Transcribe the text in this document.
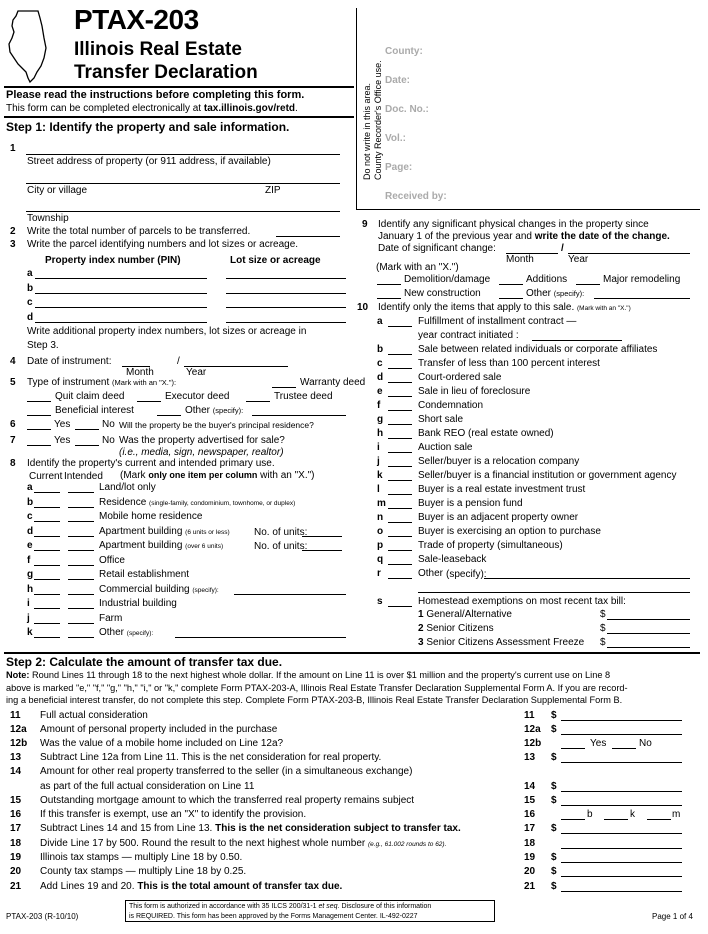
PTAX-203
Illinois Real Estate
Transfer Declaration
Please read the instructions before completing this form.
This form can be completed electronically at tax.illinois.gov/retd.	Do not write in this area. County Recorder's Office use.
County:
Date:
Doc. No.:
Vol.:
Page:
Received by:
Step 1: Identify the property and sale information.
1
Street address of property (or 911 address, if available)
City or village	ZIP
Township
2 Write the total number of parcels to be transferred.
3 Write the parcel identifying numbers and lot sizes or acreage.
Property index number (PIN)	Lot size or acreage
a
b
c
d
Write additional property index numbers, lot sizes or acreage in
Step 3.
4 Date of instrument:	/
Month	Year
5 Type of instrument (Mark with an "X."):	Warranty deed
Quit claim deed	Executor deed	Trustee deed
Beneficial interest	Other (specify):
6	Yes	No Will the property be the buyer's principal residence?
7	Yes	No Was the property advertised for sale?
(i.e., media, sign, newspaper, realtor)
8 Identify the property's current and intended primary use.
Current Intended (Mark only one item per column with an "X.")
a	Land/lot only
b	Residence (single-family, condominium, townhome, or duplex)
c	Mobile home residence
d	Apartment building (6 units or less) No. of units:
e	Apartment building (over 6 units)	No. of units:
f	Office
g	Retail establishment
h	Commercial building (specify):
i	Industrial building
j	Farm
k	Other (specify):
9 Identify any significant physical changes in the property since
January 1 of the previous year and write the date of the change.
Date of significant change:	/
Month	Year
(Mark with an "X.")
Demolition/damage	Additions	Major remodeling
New construction	Other (specify):
10 Identify only the items that apply to this sale. (Mark with an "X.")
a	Fulfillment of installment contract —
year contract initiated :
b	Sale between related individuals or corporate affiliates
c	Transfer of less than 100 percent interest
d	Court-ordered sale
e	Sale in lieu of foreclosure
f	Condemnation
g	Short sale
h	Bank REO (real estate owned)
i	Auction sale
j	Seller/buyer is a relocation company
k	Seller/buyer is a financial institution or government agency
l	Buyer is a real estate investment trust
m	Buyer is a pension fund
n	Buyer is an adjacent property owner
o	Buyer is exercising an option to purchase
p	Trade of property (simultaneous)
q	Sale-leaseback
r	Other (specify):
s	Homestead exemptions on most recent tax bill:
1 General/Alternative	$
2 Senior Citizens	$
3 Senior Citizens Assessment Freeze $
Step 2: Calculate the amount of transfer tax due.
Note: Round Lines 11 through 18 to the next highest whole dollar. If the amount on Line 11 is over $1 million and the property's current use on Line 8
above is marked "e," "f," "g," "h," "i," or "k," complete Form PTAX-203-A, Illinois Real Estate Transfer Declaration Supplemental Form A. If you are record-
ing a beneficial interest transfer, do not complete this step. Complete Form PTAX-203-B, Illinois Real Estate Transfer Declaration Supplemental Form B.
11 Full actual consideration	11 $
12a Amount of personal property included in the purchase	12a $
12b Was the value of a mobile home included on Line 12a?	12b	Yes	No
13 Subtract Line 12a from Line 11. This is the net consideration for real property.	13 $
14 Amount for other real property transferred to the seller (in a simultaneous exchange)
as part of the full actual consideration on Line 11	14 $
15 Outstanding mortgage amount to which the transferred real property remains subject	15 $
16 If this transfer is exempt, use an "X" to identify the provision.	16	b	k	m
17 Subtract Lines 14 and 15 from Line 13. This is the net consideration subject to transfer tax.	17 $
18 Divide Line 17 by 500. Round the result to the next highest whole number (e.g., 61.002 rounds to 62).	18
19 Illinois tax stamps — multiply Line 18 by 0.50.	19 $
20 County tax stamps — multiply Line 18 by 0.25.	20 $
21 Add Lines 19 and 20. This is the total amount of transfer tax due.	21 $
PTAX-203 (R-10/10)
This form is authorized in accordance with 35 ILCS 200/31-1 et seq. Disclosure of this information
is REQUIRED. This form has been approved by the Forms Management Center. IL-492-0227	Page 1 of 4
